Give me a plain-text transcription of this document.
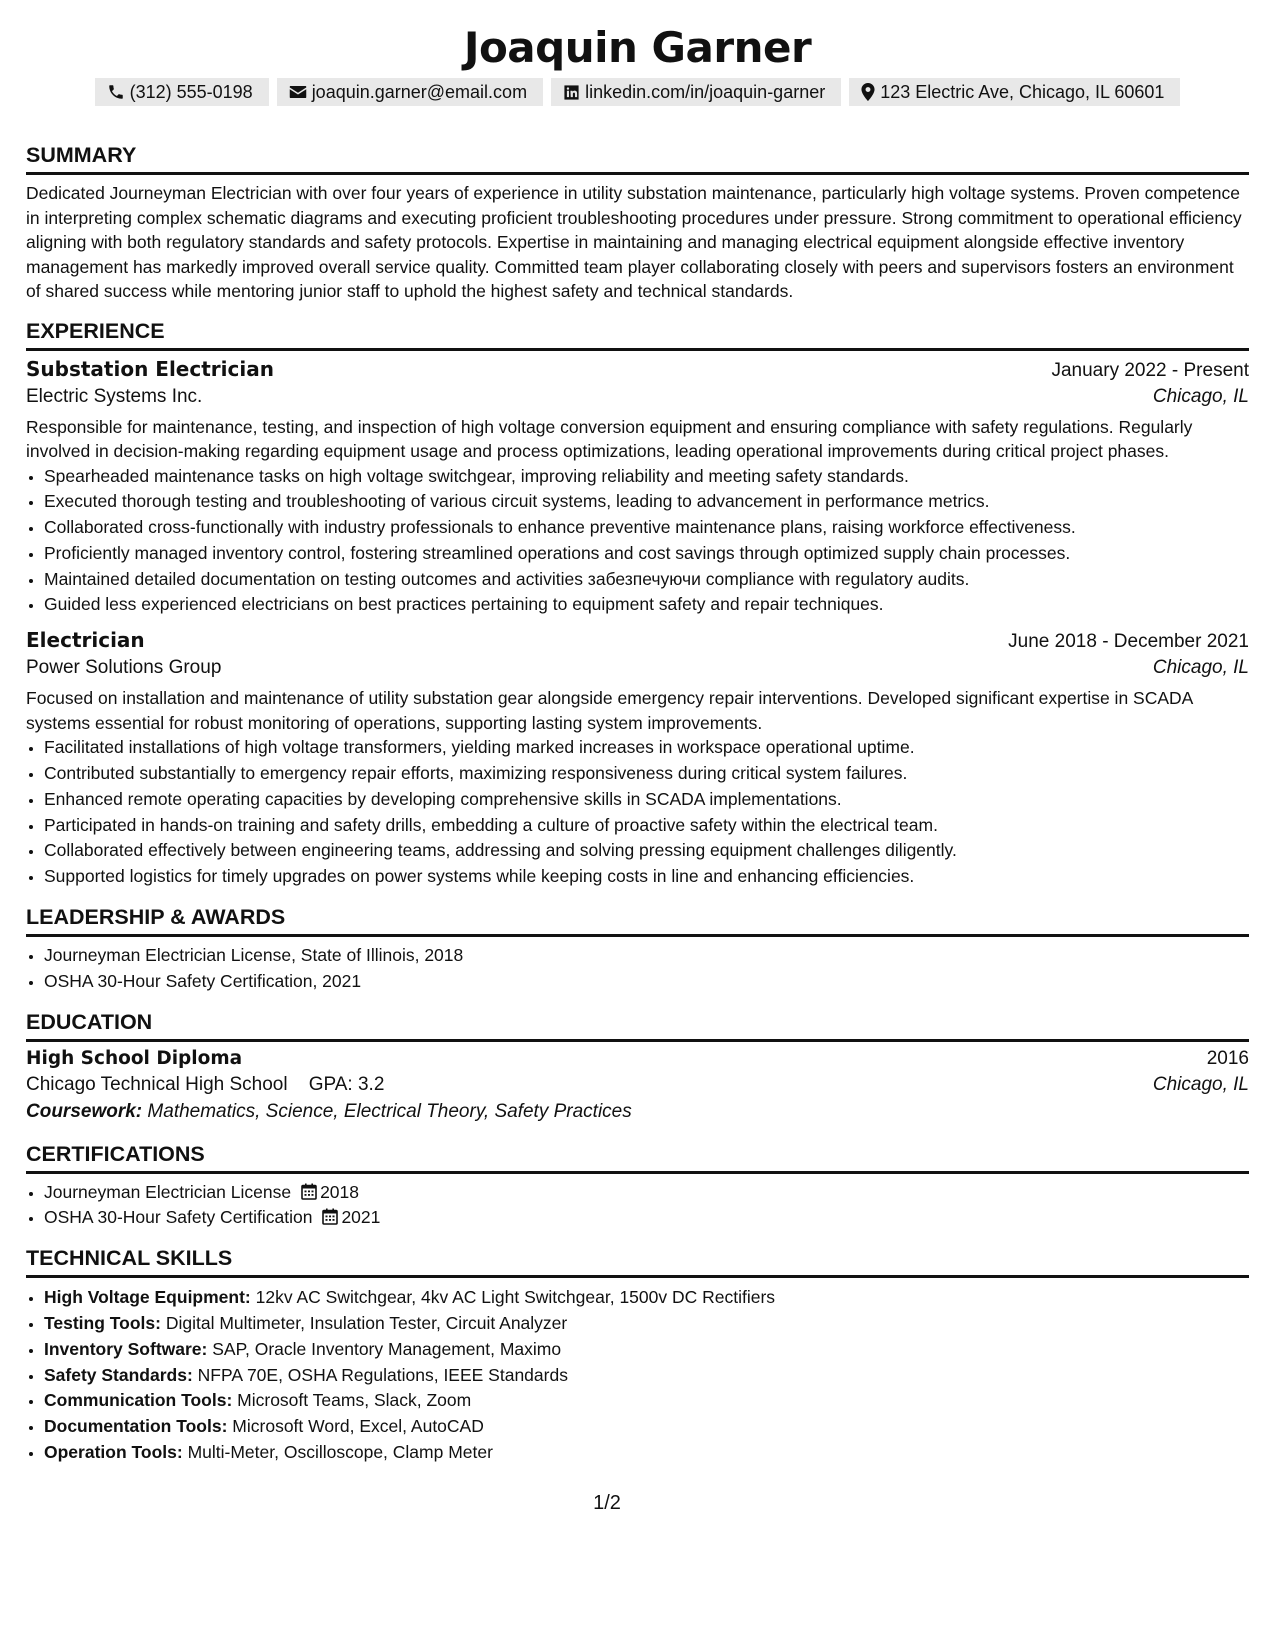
Joaquin Garner
(312) 555-0198	joaquin.garner@email.com	linkedin.com/in/joaquin-garner	123 Electric Ave, Chicago, IL 60601
SUMMARY
Dedicated Journeyman Electrician with over four years of experience in utility substation maintenance, particularly high voltage systems. Proven competence in interpreting complex schematic diagrams and executing proficient troubleshooting procedures under pressure. Strong commitment to operational efficiency aligning with both regulatory standards and safety protocols. Expertise in maintaining and managing electrical equipment alongside effective inventory management has markedly improved overall service quality. Committed team player collaborating closely with peers and supervisors fosters an environment of shared success while mentoring junior staff to uphold the highest safety and technical standards.
EXPERIENCE
Substation Electrician	January 2022 - Present
Electric Systems Inc.	Chicago, IL
Responsible for maintenance, testing, and inspection of high voltage conversion equipment and ensuring compliance with safety regulations. Regularly involved in decision-making regarding equipment usage and process optimizations, leading operational improvements during critical project phases.
• Spearheaded maintenance tasks on high voltage switchgear, improving reliability and meeting safety standards.
• Executed thorough testing and troubleshooting of various circuit systems, leading to advancement in performance metrics.
• Collaborated cross-functionally with industry professionals to enhance preventive maintenance plans, raising workforce effectiveness.
• Proficiently managed inventory control, fostering streamlined operations and cost savings through optimized supply chain processes.
• Maintained detailed documentation on testing outcomes and activities забезпечуючи compliance with regulatory audits.
• Guided less experienced electricians on best practices pertaining to equipment safety and repair techniques.
Electrician	June 2018 - December 2021
Power Solutions Group	Chicago, IL
Focused on installation and maintenance of utility substation gear alongside emergency repair interventions. Developed significant expertise in SCADA systems essential for robust monitoring of operations, supporting lasting system improvements.
• Facilitated installations of high voltage transformers, yielding marked increases in workspace operational uptime.
• Contributed substantially to emergency repair efforts, maximizing responsiveness during critical system failures.
• Enhanced remote operating capacities by developing comprehensive skills in SCADA implementations.
• Participated in hands-on training and safety drills, embedding a culture of proactive safety within the electrical team.
• Collaborated effectively between engineering teams, addressing and solving pressing equipment challenges diligently.
• Supported logistics for timely upgrades on power systems while keeping costs in line and enhancing efficiencies.
LEADERSHIP & AWARDS
• Journeyman Electrician License, State of Illinois, 2018
• OSHA 30-Hour Safety Certification, 2021
EDUCATION
High School Diploma	2016
Chicago Technical High School GPA: 3.2	Chicago, IL
Coursework: Mathematics, Science, Electrical Theory, Safety Practices
CERTIFICATIONS
• Journeyman Electrician License 2018
• OSHA 30-Hour Safety Certification 2021
TECHNICAL SKILLS
• High Voltage Equipment: 12kv AC Switchgear, 4kv AC Light Switchgear, 1500v DC Rectifiers
• Testing Tools: Digital Multimeter, Insulation Tester, Circuit Analyzer
• Inventory Software: SAP, Oracle Inventory Management, Maximo
• Safety Standards: NFPA 70E, OSHA Regulations, IEEE Standards
• Communication Tools: Microsoft Teams, Slack, Zoom
• Documentation Tools: Microsoft Word, Excel, AutoCAD
• Operation Tools: Multi-Meter, Oscilloscope, Clamp Meter
1/2
